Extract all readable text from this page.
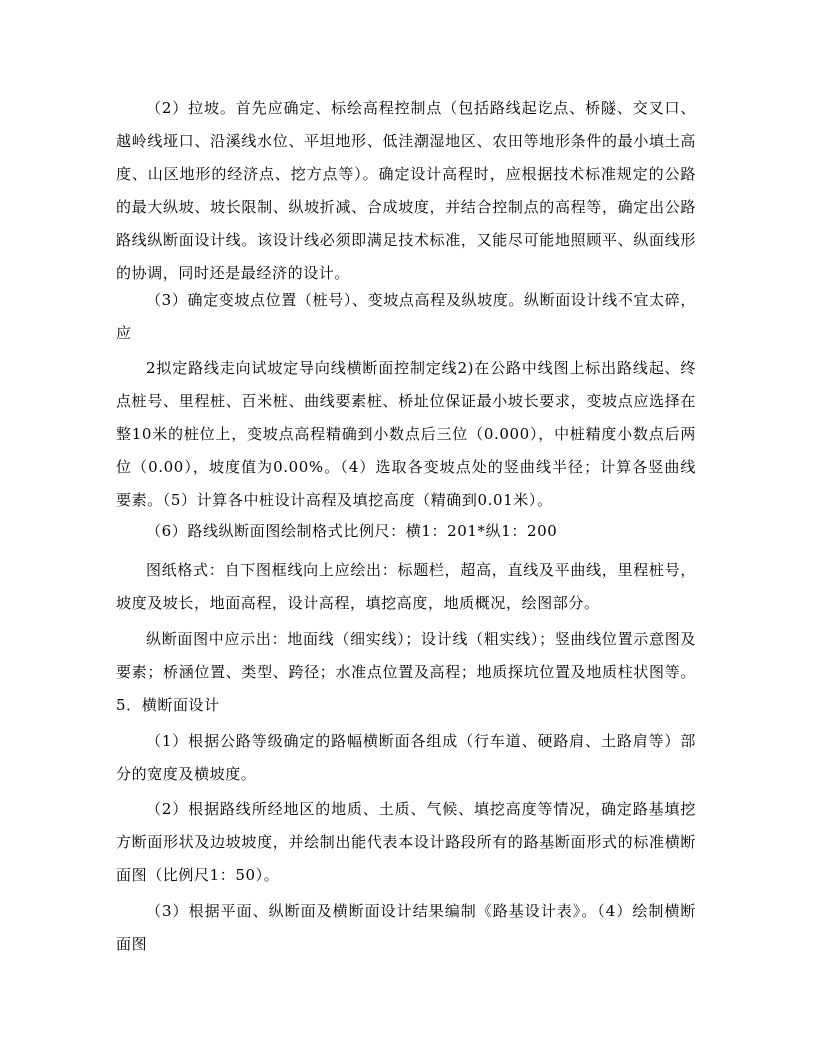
（2）拉坡。首先应确定、标绘高程控制点（包括路线起讫点、桥隧、交叉口、越岭线垭口、沿溪线水位、平坦地形、低洼潮湿地区、农田等地形条件的最小填土高度、山区地形的经济点、挖方点等）。确定设计高程时，应根据技术标准规定的公路的最大纵坡、坡长限制、纵坡折减、合成坡度，并结合控制点的高程等，确定出公路路线纵断面设计线。该设计线必须即满足技术标准，又能尽可能地照顾平、纵面线形的协调，同时还是最经济的设计。

（3）确定变坡点位置（桩号）、变坡点高程及纵坡度。纵断面设计线不宜太碎，应

2拟定路线走向试坡定导向线横断面控制定线2)在公路中线图上标出路线起、终点桩号、里程桩、百米桩、曲线要素桩、桥址位保证最小坡长要求，变坡点应选择在整10米的桩位上，变坡点高程精确到小数点后三位（0.000），中桩精度小数点后两位（0.00），坡度值为0.00%。（4）选取各变坡点处的竖曲线半径；计算各竖曲线要素。（5）计算各中桩设计高程及填挖高度（精确到0.01米）。

（6）路线纵断面图绘制格式比例尺：横1：201*纵1：200

图纸格式：自下图框线向上应绘出：标题栏，超高，直线及平曲线，里程桩号，坡度及坡长，地面高程，设计高程，填挖高度，地质概况，绘图部分。

纵断面图中应示出：地面线（细实线）；设计线（粗实线）；竖曲线位置示意图及要素；桥涵位置、类型、跨径；水准点位置及高程；地质探坑位置及地质柱状图等。5．横断面设计

（1）根据公路等级确定的路幅横断面各组成（行车道、硬路肩、土路肩等）部分的宽度及横坡度。

（2）根据路线所经地区的地质、土质、气候、填挖高度等情况，确定路基填挖方断面形状及边坡坡度，并绘制出能代表本设计路段所有的路基断面形式的标准横断面图（比例尺1：50）。

（3）根据平面、纵断面及横断面设计结果编制《路基设计表》。（4）绘制横断面图
